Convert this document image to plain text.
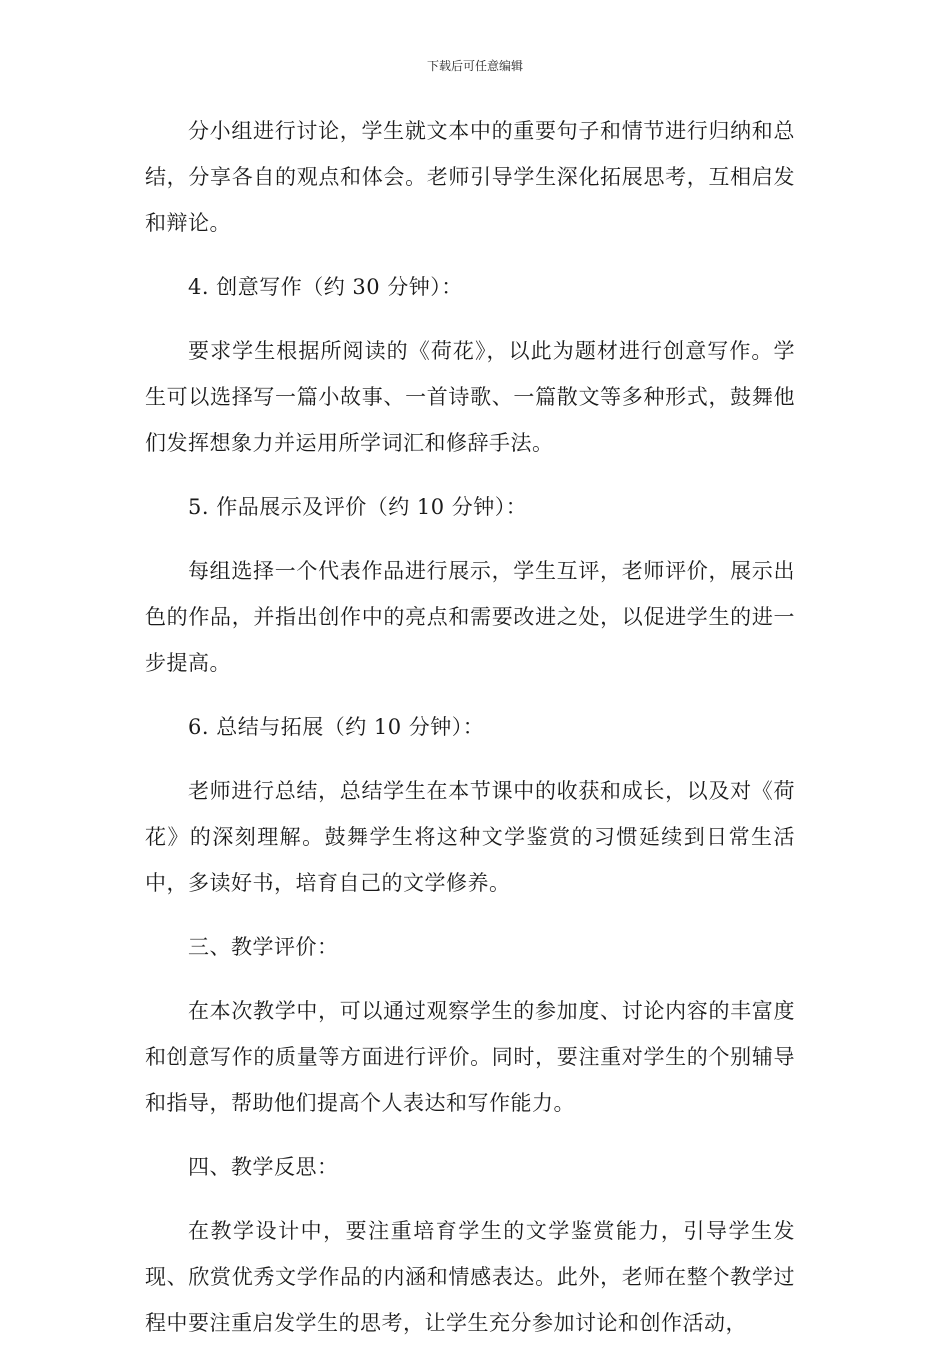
下载后可任意编辑

分小组进行讨论，学生就文本中的重要句子和情节进行归纳和总结，分享各自的观点和体会。老师引导学生深化拓展思考，互相启发和辩论。

4. 创意写作（约 30 分钟）：

要求学生根据所阅读的《荷花》，以此为题材进行创意写作。学生可以选择写一篇小故事、一首诗歌、一篇散文等多种形式，鼓舞他们发挥想象力并运用所学词汇和修辞手法。

5. 作品展示及评价（约 10 分钟）：

每组选择一个代表作品进行展示，学生互评，老师评价，展示出色的作品，并指出创作中的亮点和需要改进之处，以促进学生的进一步提高。

6. 总结与拓展（约 10 分钟）：

老师进行总结，总结学生在本节课中的收获和成长，以及对《荷花》的深刻理解。鼓舞学生将这种文学鉴赏的习惯延续到日常生活中，多读好书，培育自己的文学修养。

三、教学评价：

在本次教学中，可以通过观察学生的参加度、讨论内容的丰富度和创意写作的质量等方面进行评价。同时，要注重对学生的个别辅导和指导，帮助他们提高个人表达和写作能力。

四、教学反思：

在教学设计中，要注重培育学生的文学鉴赏能力，引导学生发现、欣赏优秀文学作品的内涵和情感表达。此外，老师在整个教学过程中要注重启发学生的思考，让学生充分参加讨论和创作活动，
